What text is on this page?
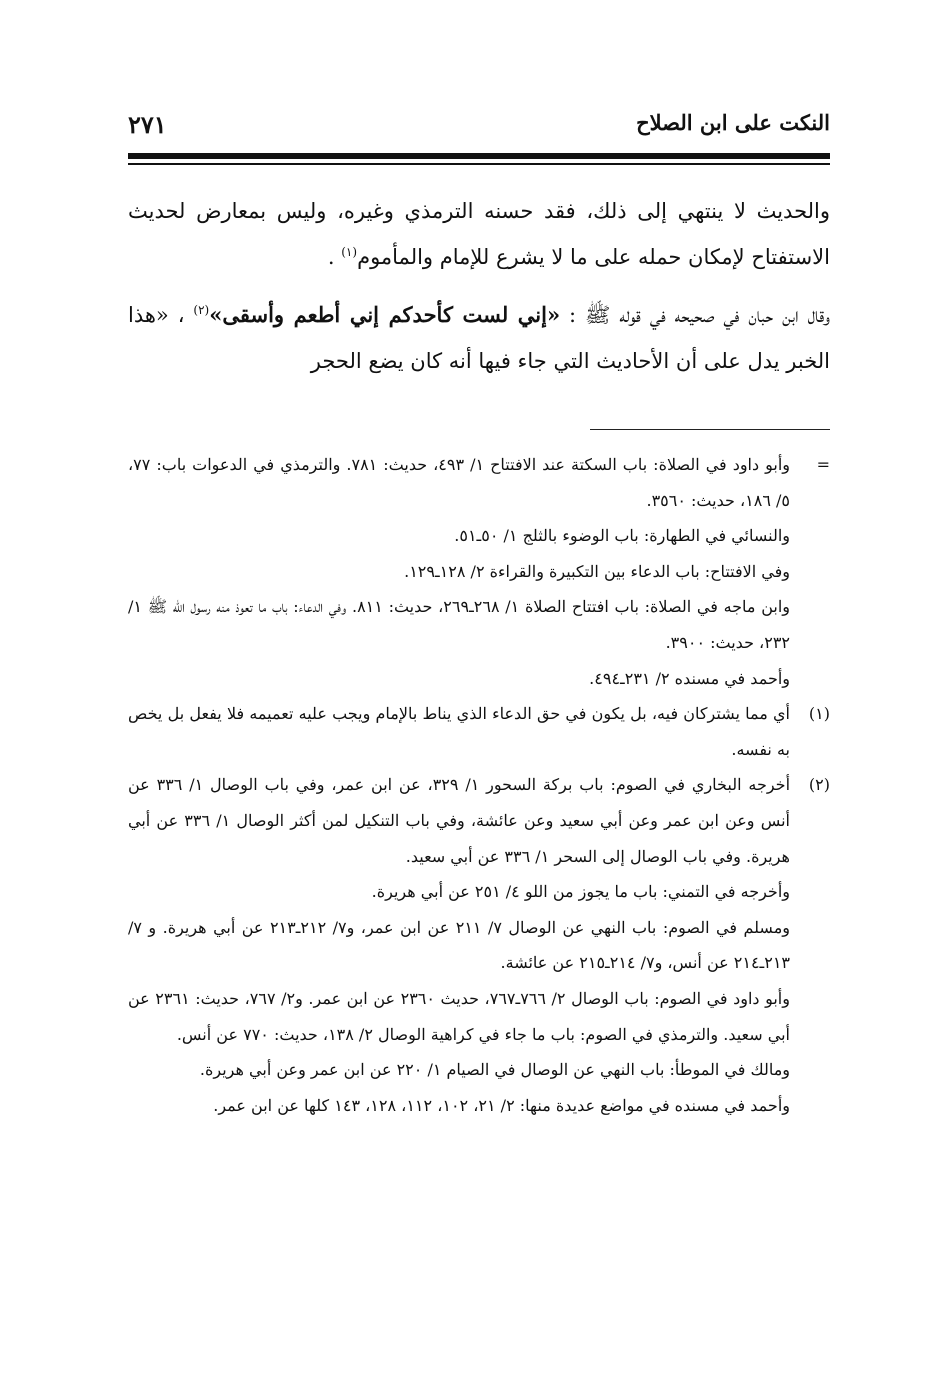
النكت على ابن الصلاح
٢٧١

والحديث لا ينتهي إلى ذلك، فقد حسنه الترمذي وغيره، وليس بمعارض لحديث الاستفتاح لإمكان حمله على ما لا يشرع للإمام والمأموم$^{(١)}$ .

وقال ابن حبان في صحيحه في قوله ﷺ : «إني لست كأحدكم إني أطعم وأسقى»$^{(٢)}$ ، «هذا الخبر يدل على أن الأحاديث التي جاء فيها أنه كان يضع الحجر

=
وأبو داود في الصلاة: باب السكتة عند الافتتاح ١/ ٤٩٣، حديث: ٧٨١. والترمذي في الدعوات باب: ٧٧، ٥/ ١٨٦، حديث: ٣٥٦٠.
والنسائي في الطهارة: باب الوضوء بالثلج ١/ ٥٠ـ٥١.
وفي الافتتاح: باب الدعاء بين التكبيرة والقراءة ٢/ ١٢٨ـ١٢٩.
وابن ماجه في الصلاة: باب افتتاح الصلاة ١/ ٢٦٨ـ٢٦٩، حديث: ٨١١. وفي الدعاء: باب ما تعوذ منه رسول الله ﷺ ١/ ٢٣٢، حديث: ٣٩٠٠.
وأحمد في مسنده ٢/ ٢٣١ـ٤٩٤.
(١)
أي مما يشتركان فيه، بل يكون في حق الدعاء الذي يناط بالإمام ويجب عليه تعميمه فلا يفعل بل يخص به نفسه.
(٢)
أخرجه البخاري في الصوم: باب بركة السحور ١/ ٣٢٩، عن ابن عمر، وفي باب الوصال ١/ ٣٣٦ عن أنس وعن ابن عمر وعن أبي سعيد وعن عائشة، وفي باب التنكيل لمن أكثر الوصال ١/ ٣٣٦ عن أبي هريرة. وفي باب الوصال إلى السحر ١/ ٣٣٦ عن أبي سعيد.
وأخرجه في التمني: باب ما يجوز من اللو ٤/ ٢٥١ عن أبي هريرة.
ومسلم في الصوم: باب النهي عن الوصال ٧/ ٢١١ عن ابن عمر، و٧/ ٢١٢ـ٢١٣ عن أبي هريرة. و ٧/ ٢١٣ـ٢١٤ عن أنس، و٧/ ٢١٤ـ٢١٥ عن عائشة.
وأبو داود في الصوم: باب الوصال ٢/ ٧٦٦ـ٧٦٧، حديث ٢٣٦٠ عن ابن عمر. و٢/ ٧٦٧، حديث: ٢٣٦١ عن أبي سعيد. والترمذي في الصوم: باب ما جاء في كراهية الوصال ٢/ ١٣٨، حديث: ٧٧٠ عن أنس.
ومالك في الموطأ: باب النهي عن الوصال في الصيام ١/ ٢٢٠ عن ابن عمر وعن أبي هريرة.
وأحمد في مسنده في مواضع عديدة منها: ٢/ ٢١، ١٠٢، ١١٢، ١٢٨، ١٤٣ كلها عن ابن عمر.
